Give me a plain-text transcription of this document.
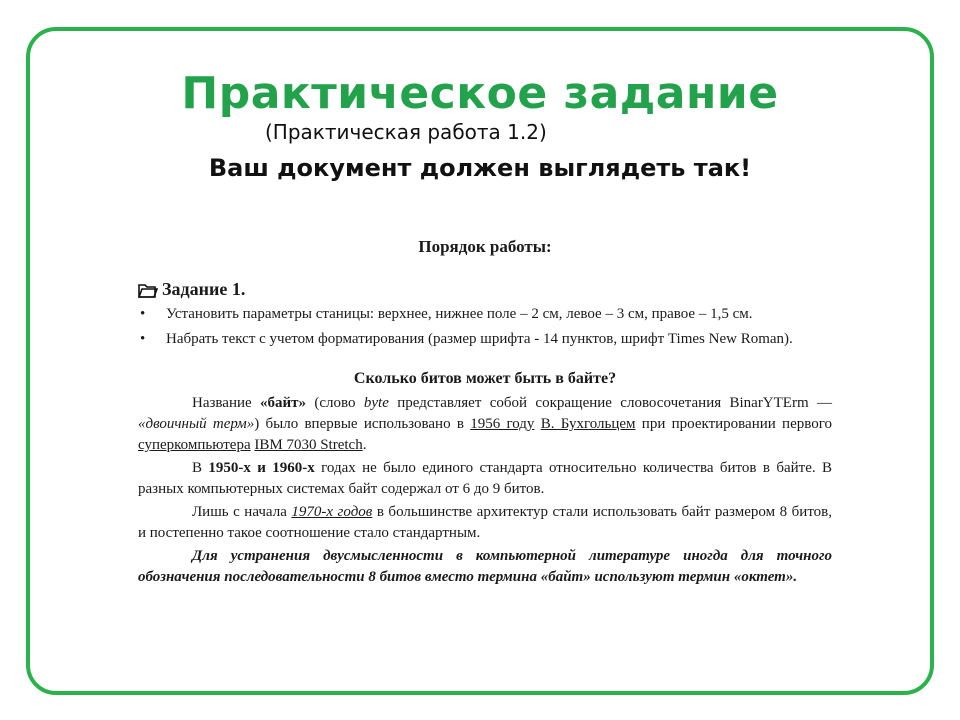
Практическое задание
(Практическая работа 1.2)
Ваш документ должен выглядеть так!
Порядок работы:
Задание 1.
• Установить параметры станицы: верхнее, нижнее поле – 2 см, левое – 3 см, правое – 1,5 см.
• Набрать текст с учетом форматирования (размер шрифта - 14 пунктов, шрифт Times New Roman).
Сколько битов может быть в байте?

Название «байт» (слово byte представляет собой сокращение словосочетания BinarYTErm — «двоичный терм») было впервые использовано в 1956 году В. Бухгольцем при проектировании первого суперкомпьютера IBM 7030 Stretch.

В 1950-х и 1960-х годах не было единого стандарта относительно количества битов в байте. В разных компьютерных системах байт содержал от 6 до 9 битов.

Лишь с начала 1970-х годов в большинстве архитектур стали использовать байт размером 8 битов, и постепенно такое соотношение стало стандартным.

Для устранения двусмысленности в компьютерной литературе иногда для точного обозначения последовательности 8 битов вместо термина «байт» используют термин «октет».
